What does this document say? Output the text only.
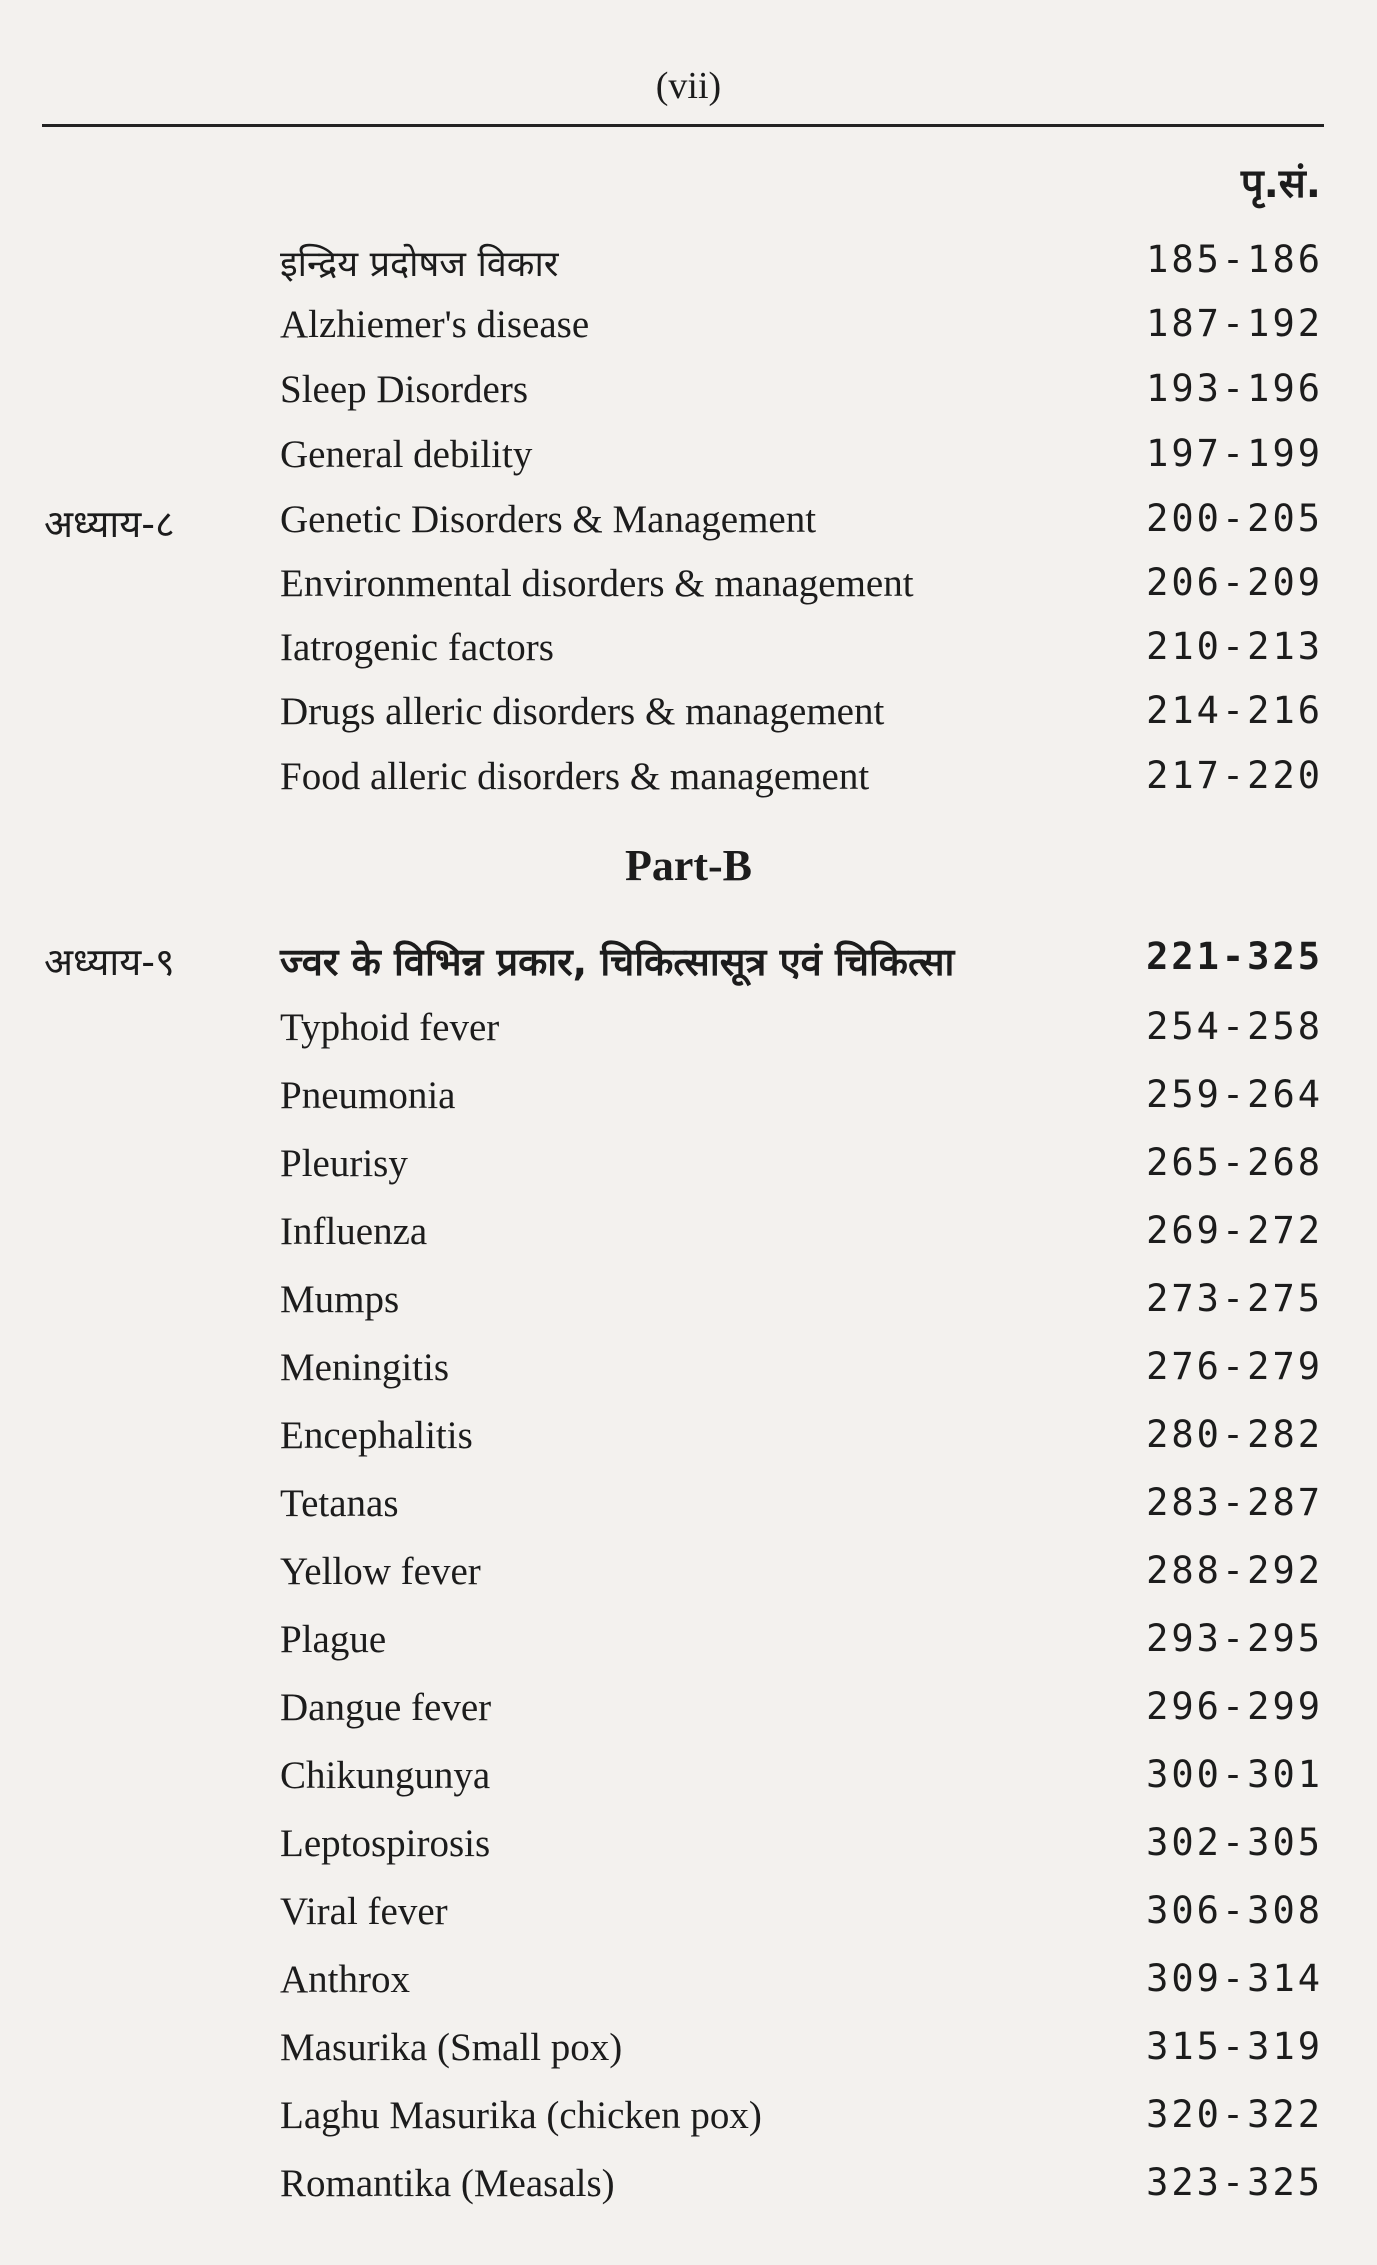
(vii)
पृ.सं.
इन्द्रिय प्रदोषज विकार	185-186
Alzhiemer's disease	187-192
Sleep Disorders	193-196
General debility	197-199
अध्याय-८	Genetic Disorders & Management	200-205
Environmental disorders & management	206-209
Iatrogenic factors	210-213
Drugs alleric disorders & management	214-216
Food alleric disorders & management	217-220
Part-B
अध्याय-९	ज्वर के विभिन्न प्रकार, चिकित्सासूत्र एवं चिकित्सा	221-325
Typhoid fever	254-258
Pneumonia	259-264
Pleurisy	265-268
Influenza	269-272
Mumps	273-275
Meningitis	276-279
Encephalitis	280-282
Tetanas	283-287
Yellow fever	288-292
Plague	293-295
Dangue fever	296-299
Chikungunya	300-301
Leptospirosis	302-305
Viral fever	306-308
Anthrox	309-314
Masurika (Small pox)	315-319
Laghu Masurika (chicken pox)	320-322
Romantika (Measals)	323-325
